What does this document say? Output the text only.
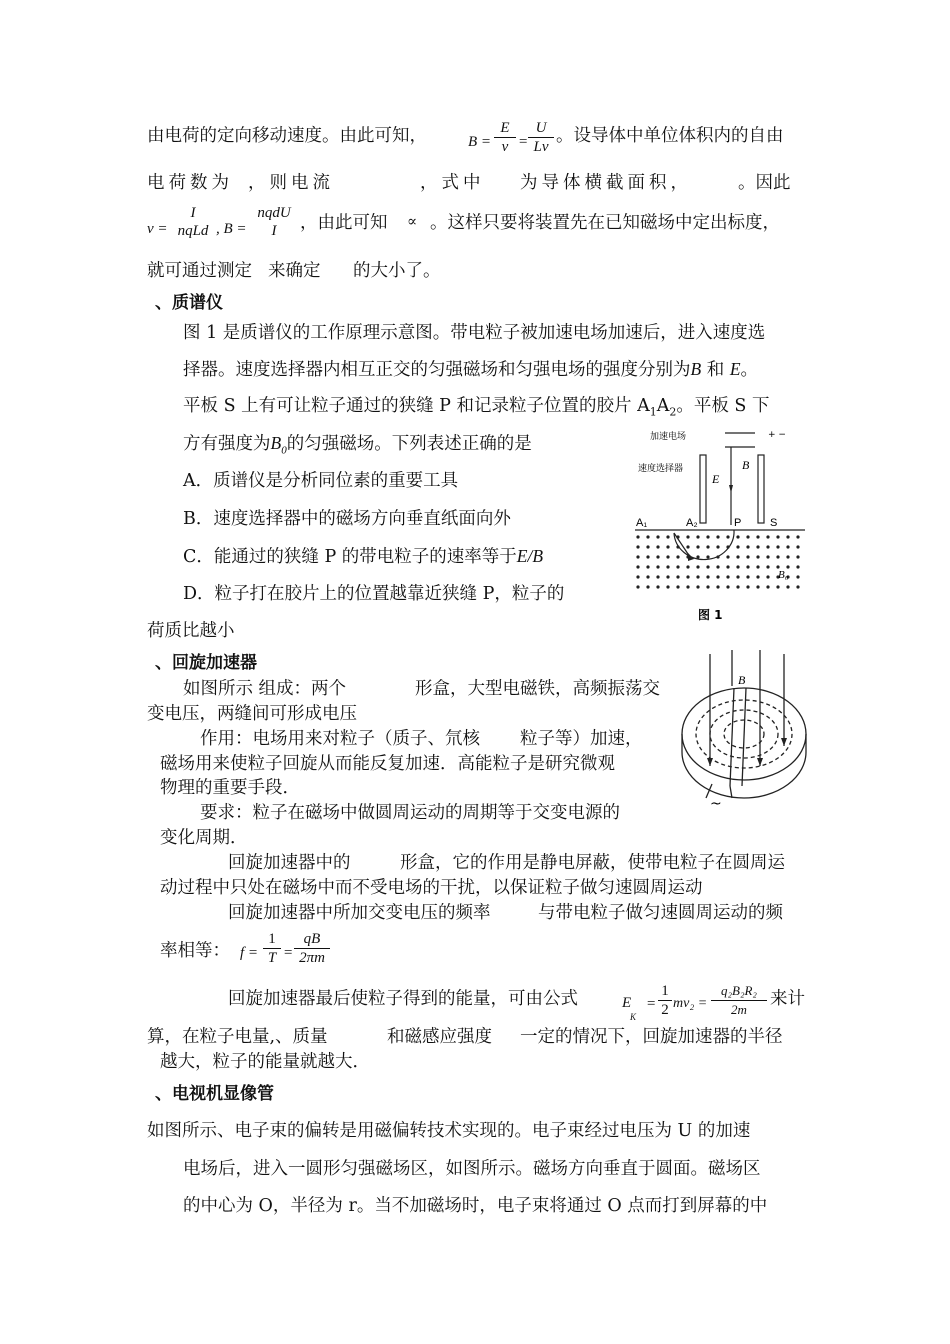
由电荷的定向移动速度。由此可知，	$B = \frac{E}{v} = \frac{U}{Lv}$ 。设导体中单位体积内的自由
电荷数为 ，则电流	，式中 为导体横截面积，	。因此
v =
I
nqLd , B =
nqdU
I	，由此可知 ∝ 。这样只要将装置先在已知磁场中定出标度，
就可通过测定 来确定 的大小了。
、质谱仪
图 1 是质谱仪的工作原理示意图。带电粒子被加速电场加速后，进入速度选
择器。速度选择器内相互正交的匀强磁场和匀强电场的强度分别为B 和 E。
平板 S 上有可让粒子通过的狭缝 P 和记录粒子位置的胶片 $A_1A_2$。平板 S 下
方有强度为$B_0$的匀强磁场。下列表述正确的是
A．质谱仪是分析同位素的重要工具
B．速度选择器中的磁场方向垂直纸面向外
C．能通过的狭缝 P 的带电粒子的速率等于E/B
D．粒子打在胶片上的位置越靠近狭缝 P，粒子的
荷质比越小
加速电场
速度选择器
+ −
E
B
A₁	A₂	P	S
B₀
图 1
、回旋加速器
如图所示 组成：两个	形盒，大型电磁铁，高频振荡交
变电压，两缝间可形成电压
作用：电场用来对粒子（质子、氘核 粒子等）加速，
磁场用来使粒子回旋从而能反复加速．高能粒子是研究微观
物理的重要手段．
要求：粒子在磁场中做圆周运动的周期等于交变电源的
变化周期．
回旋加速器中的	形盒，它的作用是静电屏蔽，使带电粒子在圆周运
动过程中只处在磁场中而不受电场的干扰，以保证粒子做匀速圆周运动
回旋加速器中所加交变电压的频率	与带电粒子做匀速圆周运动的频
率相等： $f = \frac{1}{T} = \frac{qB}{2\pi m}$
回旋加速器最后使粒子得到的能量，可由公式	E
K
= $\frac{1}{2} mv_2 = \frac{\text{q₂B₂R₂}}{2m}$ 来计
算，在粒子电量,、质量	和磁感应强度 一定的情况下，回旋加速器的半径
越大，粒子的能量就越大．
B
~
、电视机显像管
如图所示、电子束的偏转是用磁偏转技术实现的。电子束经过电压为 U 的加速
电场后，进入一圆形匀强磁场区，如图所示。磁场方向垂直于圆面。磁场区
的中心为 O，半径为 r。当不加磁场时，电子束将通过 O 点而打到屏幕的中
